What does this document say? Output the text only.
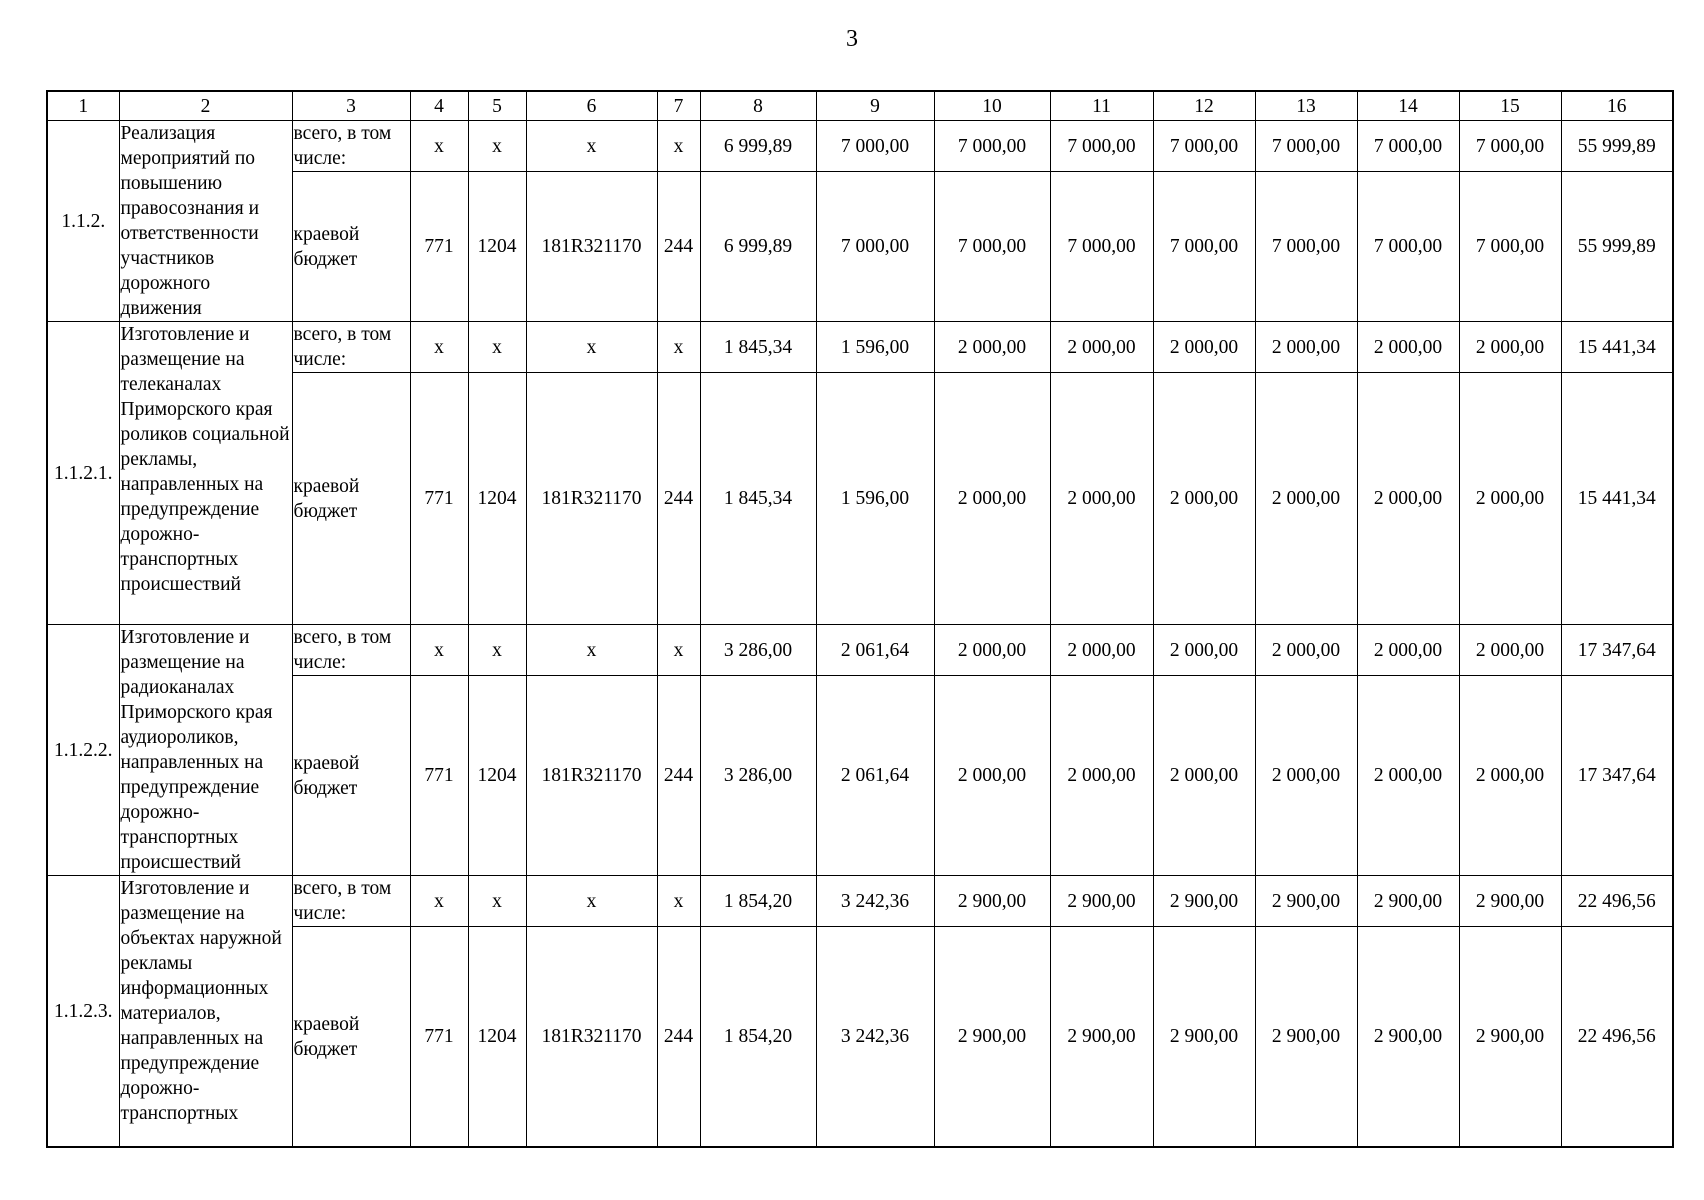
3
1	2	3	4	5	6	7	8	9	10	11	12	13	14	15	16
1.1.2.	Реализация мероприятий по повышению правосознания и ответственности участников дорожного движения	всего, в том числе:	х	х	х	х	6 999,89	7 000,00	7 000,00	7 000,00	7 000,00	7 000,00	7 000,00	7 000,00	55 999,89
		краевой бюджет	771	1204	181R321170	244	6 999,89	7 000,00	7 000,00	7 000,00	7 000,00	7 000,00	7 000,00	7 000,00	55 999,89
1.1.2.1.	Изготовление и размещение на телеканалах Приморского края роликов социальной рекламы, направленных на предупреждение дорожно-транспортных происшествий	всего, в том числе:	х	х	х	х	1 845,34	1 596,00	2 000,00	2 000,00	2 000,00	2 000,00	2 000,00	2 000,00	15 441,34
		краевой бюджет	771	1204	181R321170	244	1 845,34	1 596,00	2 000,00	2 000,00	2 000,00	2 000,00	2 000,00	2 000,00	15 441,34
1.1.2.2.	Изготовление и размещение на радиоканалах Приморского края аудиороликов, направленных на предупреждение дорожно-транспортных происшествий	всего, в том числе:	х	х	х	х	3 286,00	2 061,64	2 000,00	2 000,00	2 000,00	2 000,00	2 000,00	2 000,00	17 347,64
		краевой бюджет	771	1204	181R321170	244	3 286,00	2 061,64	2 000,00	2 000,00	2 000,00	2 000,00	2 000,00	2 000,00	17 347,64
1.1.2.3.	Изготовление и размещение на объектах наружной рекламы информационных материалов, направленных на предупреждение дорожно-транспортных	всего, в том числе:	х	х	х	х	1 854,20	3 242,36	2 900,00	2 900,00	2 900,00	2 900,00	2 900,00	2 900,00	22 496,56
		краевой бюджет	771	1204	181R321170	244	1 854,20	3 242,36	2 900,00	2 900,00	2 900,00	2 900,00	2 900,00	2 900,00	22 496,56
